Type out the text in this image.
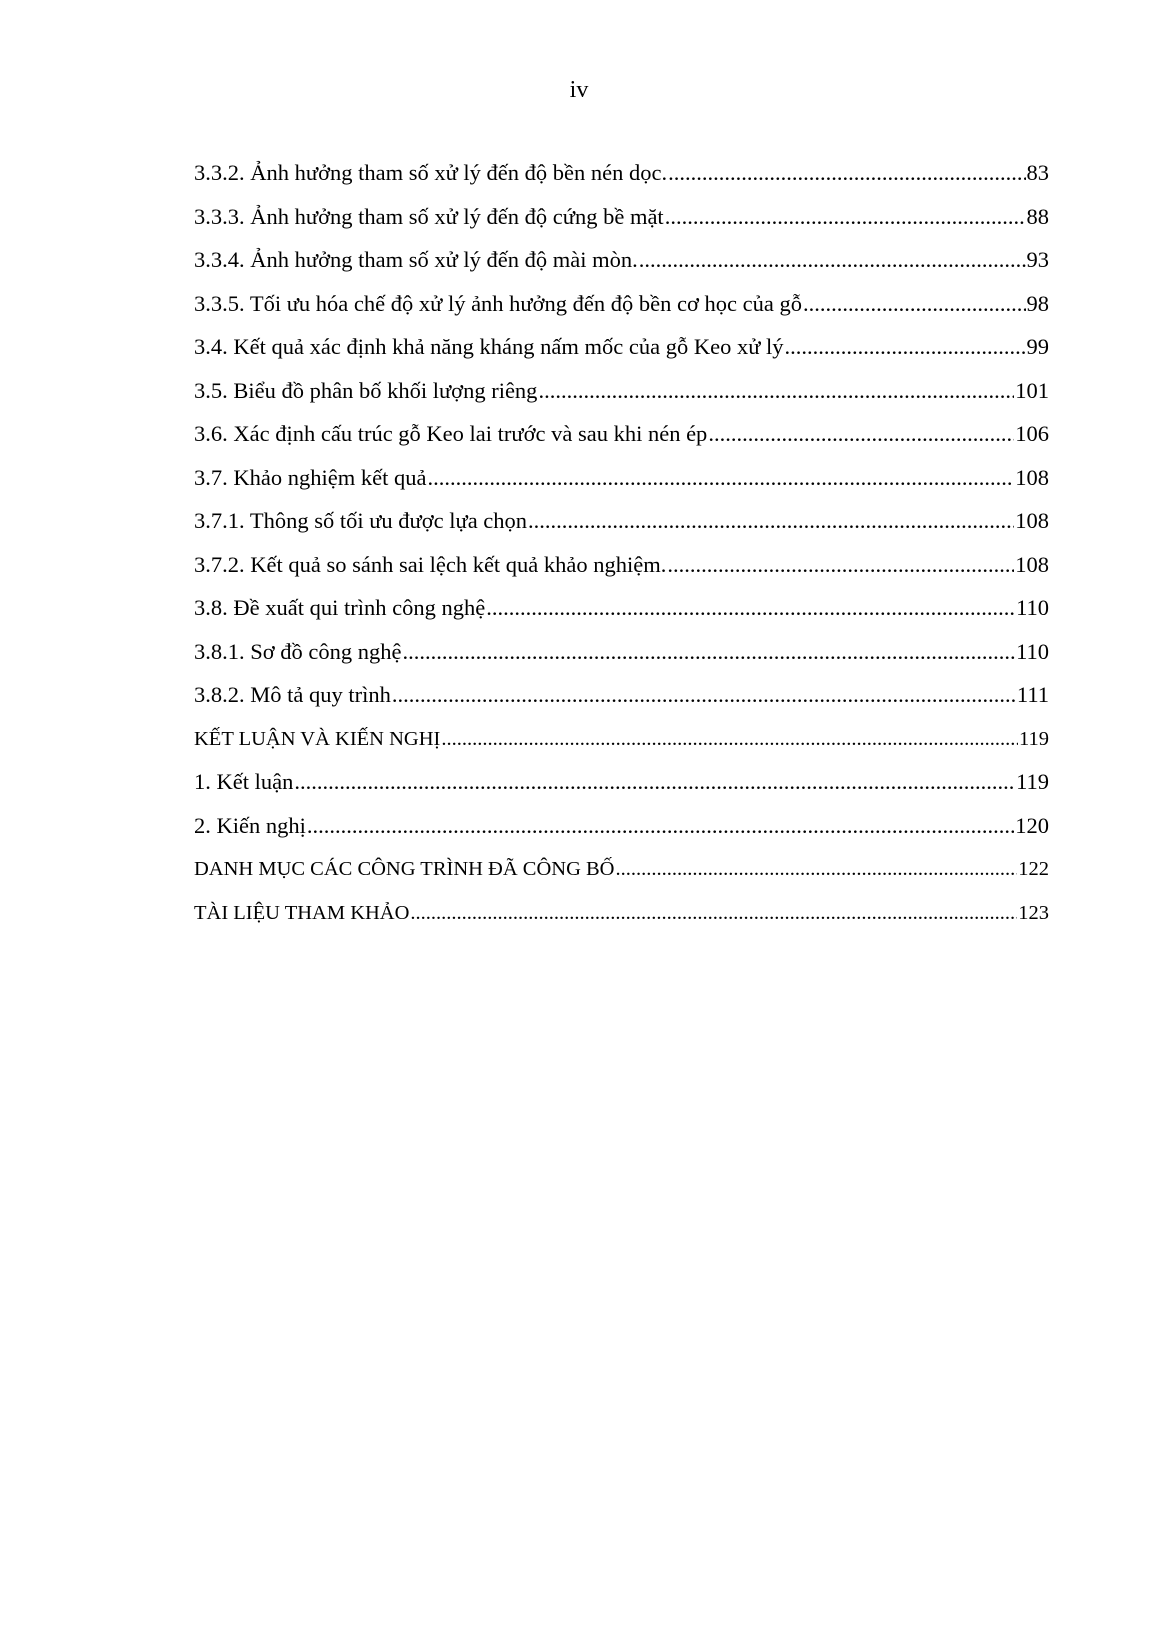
iv
3.3.2. Ảnh hưởng tham số xử lý đến độ bền nén dọc. .....	83
3.3.3. Ảnh hưởng tham số xử lý đến độ cứng bề mặt .....	88
3.3.4. Ảnh hưởng tham số xử lý đến độ mài mòn. .....	93
3.3.5. Tối ưu hóa chế độ xử lý ảnh hưởng đến độ bền cơ học của gỗ .....	98
3.4. Kết quả xác định khả năng kháng nấm mốc của gỗ Keo xử lý .....	99
3.5. Biểu đồ phân bố khối lượng riêng .....	101
3.6. Xác định cấu trúc gỗ Keo lai trước và sau khi nén ép .....	106
3.7. Khảo nghiệm kết quả .....	108
3.7.1. Thông số tối ưu được lựa chọn .....	108
3.7.2. Kết quả so sánh sai lệch kết quả khảo nghiệm. .....	108
3.8. Đề xuất qui trình công nghệ .....	110
3.8.1. Sơ đồ công nghệ .....	110
3.8.2. Mô tả quy trình .....	111
KẾT LUẬN VÀ KIẾN NGHỊ .....	119
1. Kết luận .....	119
2. Kiến nghị .....	120
DANH MỤC CÁC CÔNG TRÌNH ĐÃ CÔNG BỐ .....	122
TÀI LIỆU THAM KHẢO .....	123
